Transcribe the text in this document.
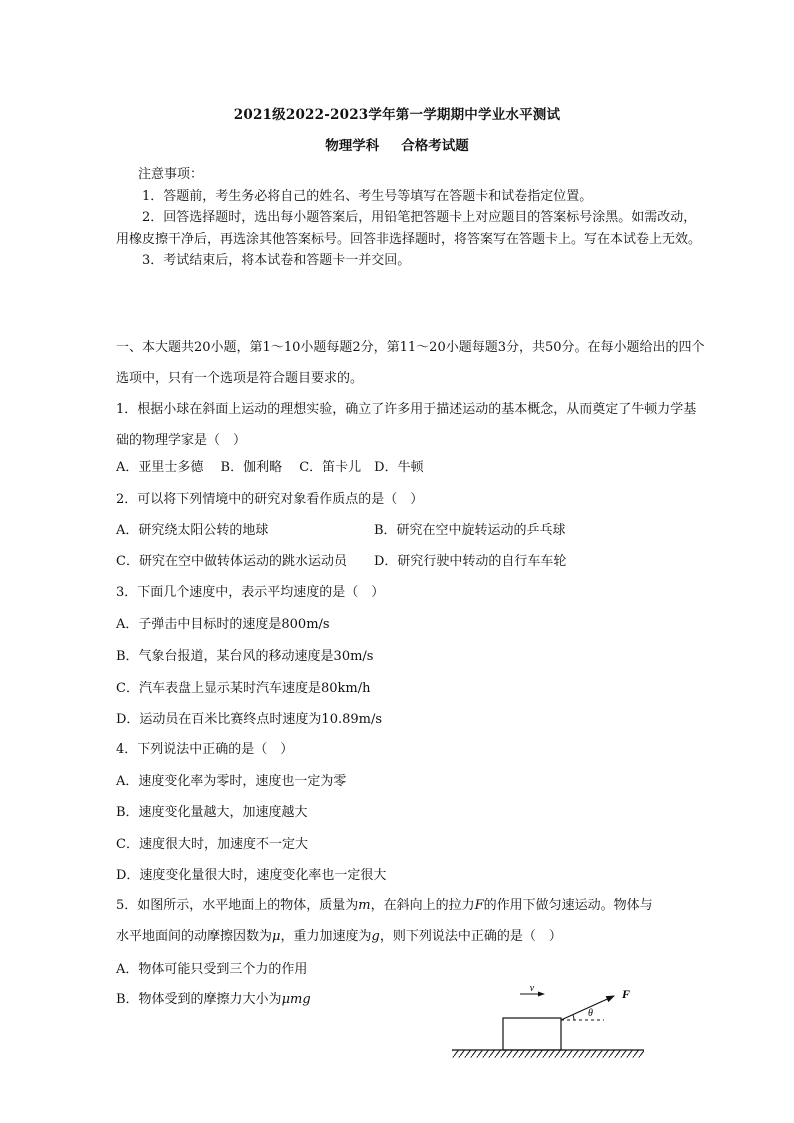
2021级2022-2023学年第一学期期中学业水平测试
物理学科 合格考试题
注意事项：
1．答题前，考生务必将自己的姓名、考生号等填写在答题卡和试卷指定位置。
2．回答选择题时，选出每小题答案后，用铅笔把答题卡上对应题目的答案标号涂黑。如需改动，用橡皮擦干净后，再选涂其他答案标号。回答非选择题时，将答案写在答题卡上。写在本试卷上无效。
3．考试结束后，将本试卷和答题卡一并交回。
一、本大题共20小题，第1～10小题每题2分，第11～20小题每题3分，共50分。在每小题给出的四个选项中，只有一个选项是符合题目要求的。
1．根据小球在斜面上运动的理想实验，确立了许多用于描述运动的基本概念，从而奠定了牛顿力学基础的物理学家是（　）
A．亚里士多德　 B．伽利略　 C．笛卡儿　D．牛顿
2．可以将下列情境中的研究对象看作质点的是（　）
A．研究绕太阳公转的地球	B．研究在空中旋转运动的乒乓球
C．研究在空中做转体运动的跳水运动员 D．研究行驶中转动的自行车车轮
3．下面几个速度中，表示平均速度的是（　）
A．子弹击中目标时的速度是800m/s
B．气象台报道，某台风的移动速度是30m/s
C．汽车表盘上显示某时汽车速度是80km/h
D．运动员在百米比赛终点时速度为10.89m/s
4．下列说法中正确的是（　）
A．速度变化率为零时，速度也一定为零
B．速度变化量越大，加速度越大
C．速度很大时，加速度不一定大
D．速度变化量很大时，速度变化率也一定很大
5．如图所示，水平地面上的物体，质量为m，在斜向上的拉力F的作用下做匀速运动。物体与
水平地面间的动摩擦因数为μ，重力加速度为g，则下列说法中正确的是（　）
A．物体可能只受到三个力的作用
B．物体受到的摩擦力大小为μmg
v	F
θ
